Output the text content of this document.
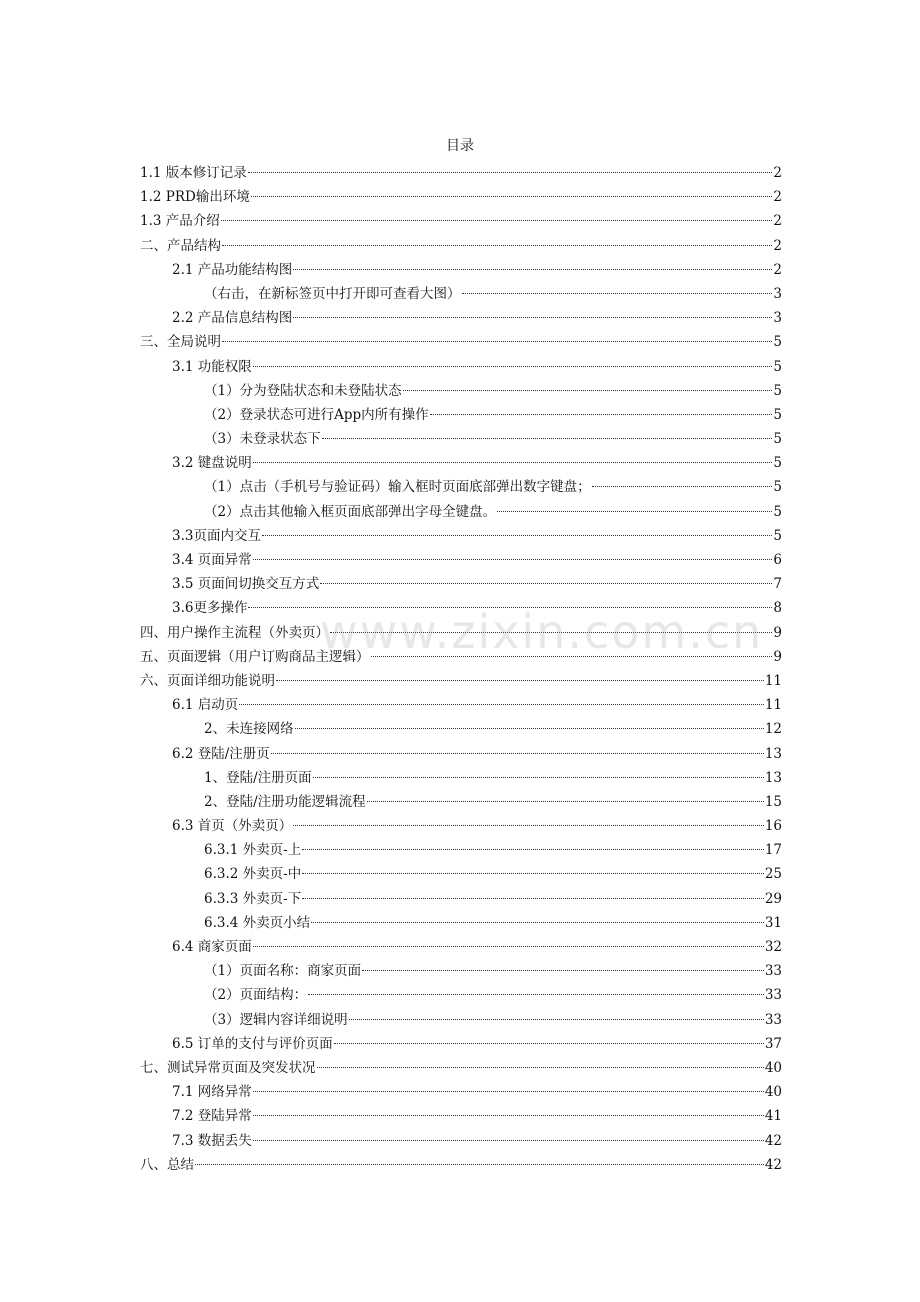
目录
1.1 版本修订记录	2
1.2 PRD输出环境	2
1.3 产品介绍	2
二、产品结构	2
2.1 产品功能结构图	2
（右击，在新标签页中打开即可查看大图）	3
2.2 产品信息结构图	3
三、全局说明	5
3.1 功能权限	5
（1）分为登陆状态和未登陆状态	5
（2）登录状态可进行App内所有操作	5
（3）未登录状态下	5
3.2 键盘说明	5
（1）点击（手机号与验证码）输入框时页面底部弹出数字键盘；	5
（2）点击其他输入框页面底部弹出字母全键盘。	5
3.3页面内交互	5
3.4 页面异常	6
3.5 页面间切换交互方式	7
3.6更多操作	8
四、用户操作主流程（外卖页）	9
五、页面逻辑（用户订购商品主逻辑）	9
六、页面详细功能说明	11
6.1 启动页	11
2、未连接网络	12
6.2 登陆/注册页	13
1、登陆/注册页面	13
2、登陆/注册功能逻辑流程	15
6.3 首页（外卖页）	16
6.3.1 外卖页-上	17
6.3.2 外卖页-中	25
6.3.3 外卖页-下	29
6.3.4 外卖页小结	31
6.4 商家页面	32
（1）页面名称：商家页面	33
（2）页面结构：	33
（3）逻辑内容详细说明	33
6.5 订单的支付与评价页面	37
七、测试异常页面及突发状况	40
7.1 网络异常	40
7.2 登陆异常	41
7.3 数据丢失	42
八、总结	42
www.zixin.com.cn
